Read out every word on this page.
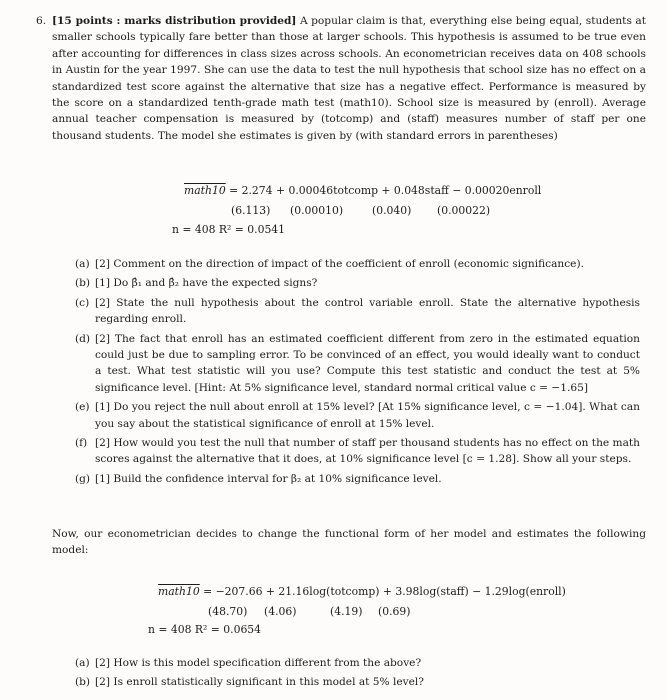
6. [15 points : marks distribution provided] A popular claim is that, everything else being equal, students at smaller schools typically fare better than those at larger schools. This hypothesis is assumed to be true even after accounting for differences in class sizes across schools. An econometrician receives data on 408 schools in Austin for the year 1997. She can use the data to test the null hypothesis that school size has no effect on a standardized test score against the alternative that size has a negative effect. Performance is measured by the score on a standardized tenth-grade math test (math10). School size is measured by (enroll). Average annual teacher compensation is measured by (totcomp) and (staff) measures number of staff per one thousand students. The model she estimates is given by (with standard errors in parentheses)
math10 = 2.274 + 0.00046totcomp + 0.048staff − 0.00020enroll
(6.113) (0.00010)	(0.040) (0.00022)
n = 408 R² = 0.0541
(a) [2] Comment on the direction of impact of the coefficient of enroll (economic significance).
(b) [1] Do β̂₁ and β̂₂ have the expected signs?
(c) [2] State the null hypothesis about the control variable enroll. State the alternative hypothesis regarding enroll.
(d) [2] The fact that enroll has an estimated coefficient different from zero in the estimated equation could just be due to sampling error. To be convinced of an effect, you would ideally want to conduct a test. What test statistic will you use? Compute this test statistic and conduct the test at 5% significance level. [Hint: At 5% significance level, standard normal critical value c = −1.65]
(e) [1] Do you reject the null about enroll at 15% level? [At 15% significance level, c = −1.04]. What can you say about the statistical significance of enroll at 15% level.
(f) [2] How would you test the null that number of staff per thousand students has no effect on the math scores against the alternative that it does, at 10% significance level [c = 1.28]. Show all your steps.
(g) [1] Build the confidence interval for β₂ at 10% significance level.
Now, our econometrician decides to change the functional form of her model and estimates the following model:
math10 = −207.66 + 21.16log(totcomp) + 3.98log(staff) − 1.29log(enroll)
(48.70) (4.06)	(4.19) (0.69)
n = 408 R² = 0.0654
(a) [2] How is this model specification different from the above?
(b) [2] Is enroll statistically significant in this model at 5% level?
